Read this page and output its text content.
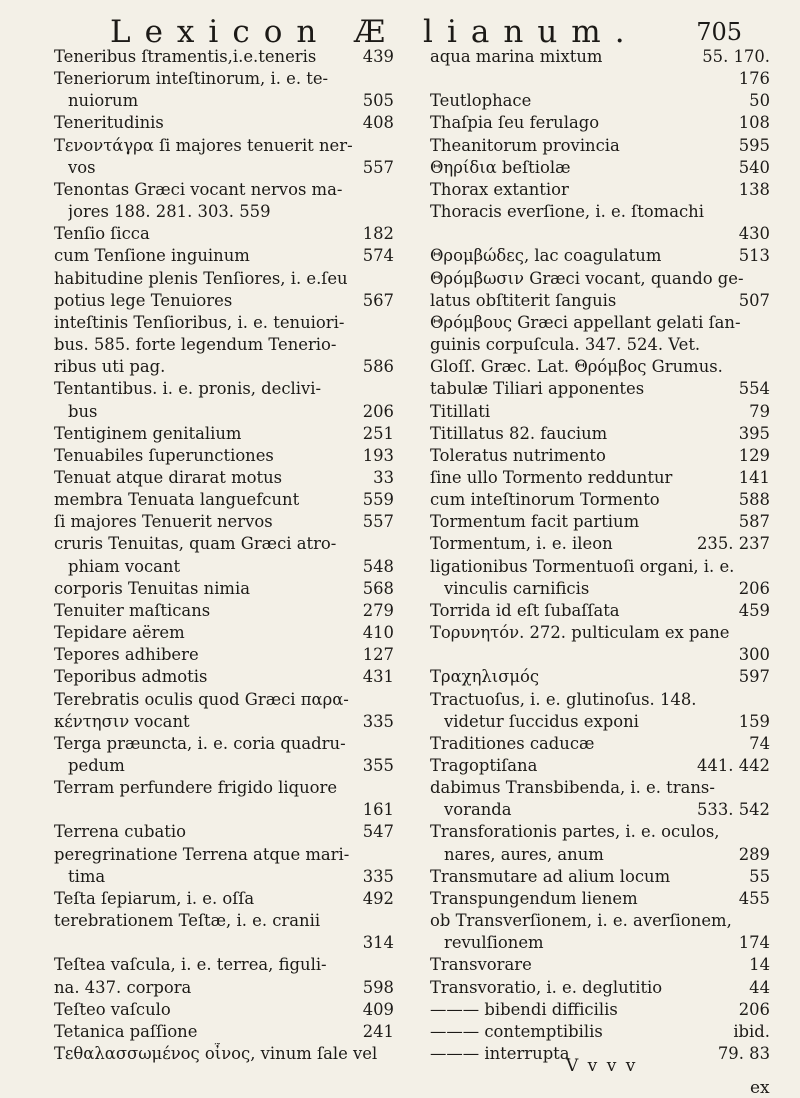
Lexicon Æ lianum. 705
Teneribus ſtramentis,i.e.teneris	439
Teneriorum inteſtinorum, i. e. te-
nuiorum	505
Teneritudinis	408
Τενοντάγρα ſi majores tenuerit ner-
vos	557
Tenontas Græci vocant nervos ma-
jores 188. 281. 303. 559
Tenſio ſicca	182
cum Tenſione inguinum	574
habitudine plenis Tenſiores, i. e.ſeu
potius lege Tenuiores	567
inteſtinis Tenſioribus, i. e. tenuiori-
bus. 585. forte legendum Tenerio-
ribus uti pag.	586
Tentantibus. i. e. pronis, declivi-
bus	206
Tentiginem genitalium	251
Tenuabiles ſuperunctiones	193
Tenuat atque dirarat motus	33
membra Tenuata languefcunt	559
ſi majores Tenuerit nervos	557
cruris Tenuitas, quam Græci atro-
phiam vocant	548
corporis Tenuitas nimia	568
Tenuiter maſticans	279
Tepidare aërem	410
Tepores adhibere	127
Teporibus admotis	431
Terebratis oculis quod Græci παρα-
κέντησιν vocant	335
Terga præunctа, i. e. coria quadru-
pedum	355
Terram perfundere frigido liquore
161
Terrena cubatio	547
peregrinatione Terrena atque mari-
tima	335
Teſta ſepiarum, i. e. oſſa	492
terebrationem Teſtæ, i. e. cranii
314
Teſtea vaſcula, i. e. terrea, figuli-
na. 437. corpora	598
Teſteo vaſculo	409
Tetanica paſſione	241
Τεθαλασσωμένος οἶνος, vinum ſale vel
aqua marina mixtum	55. 170.
176
Teutlophace	50
Thaſpia ſeu ferulago	108
Theanitorum provincia	595
Θηρίδια beſtiolæ	540
Thorax extantior	138
Thoracis everſione, i. e. ſtomachi
430
Θρομβώδες, lac coagulatum	513
Θρόμβωσιν Græci vocant, quando ge-
latus obſtiterit ſanguis	507
Θρόμβους Græci appellant gelati ſan-
guinis corpuſcula. 347. 524. Vet.
Gloſſ. Græc. Lat. Θρόμβος Grumus.
tabulæ Tiliari apponentes	554
Titillati	79
Titillatus 82. faucium	395
Toleratus nutrimento	129
ſine ullo Tormento redduntur	141
cum inteſtinorum Tormento	588
Tormentum facit partium	587
Tormentum, i. e. ileon	235. 237
ligationibus Tormentuoſi organi, i. e.
vinculis carnificis	206
Torrida id eſt ſubaſſata	459
Τορυνητόν. 272. pulticulam ex pane
300
Τραχηλισμός	597
Tractuoſus, i. e. glutinoſus. 148.
videtur ſuccidus exponi	159
Traditiones caducæ	74
Tragoptiſana	441. 442
dabimus Transbibenda, i. e. trans-
voranda	533. 542
Transforationis partes, i. e. oculos,
nares, aures, anum	289
Transmutare ad alium locum	55
Transpungendum lienem	455
ob Transverſionem, i. e. averſionem,
revulſionem	174
Transvorare	14
Transvoratio, i. e. deglutitio	44
——— bibendi difficilis	206
——— contemptibilis	ibid.
——— interrupta	79. 83
V v v v
ex
